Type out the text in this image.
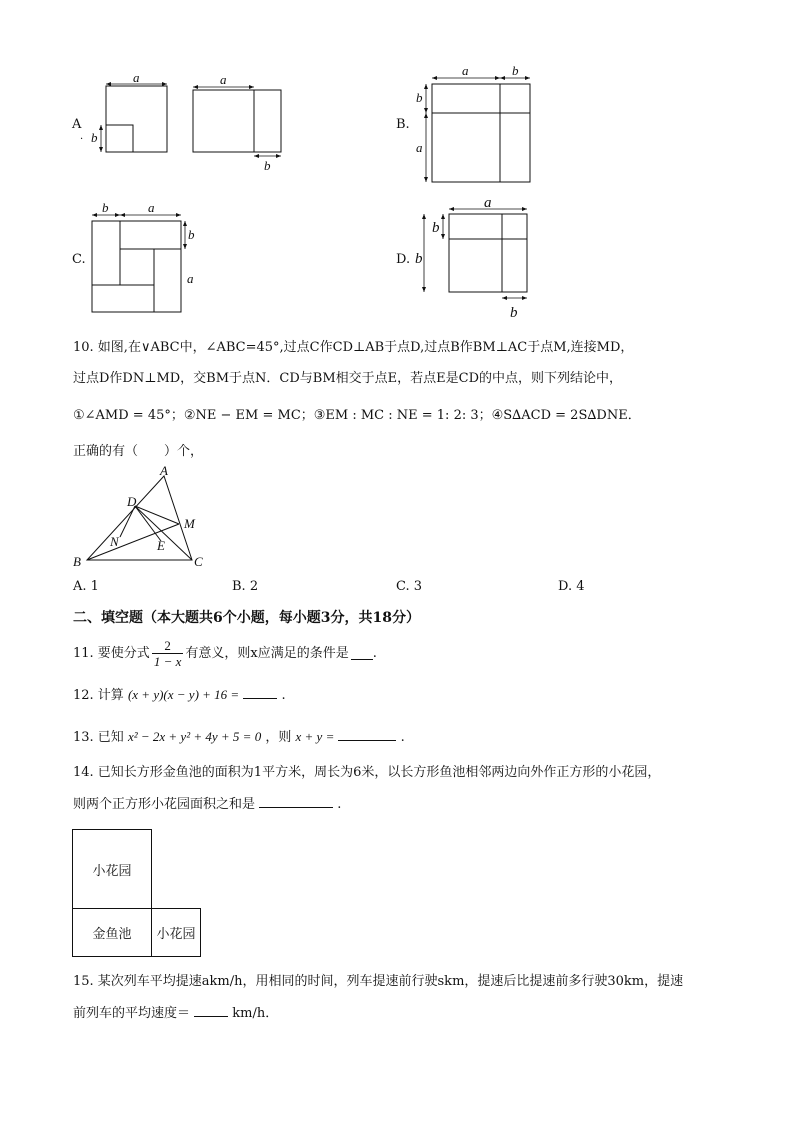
A
·
a
b
a
b
B.
a	b
b
a
C.
b	a
b
a
D.
a
b
b
b
10. 如图,在∨ABC中，∠ABC=45°,过点C作CD⊥AB于点D,过点B作BM⊥AC于点M,连接MD，
过点D作DN⊥MD，交BM于点N．CD与BM相交于点E，若点E是CD的中点，则下列结论中，
①∠AMD = 45°；②NE − EM = MC；③EM : MC : NE = 1: 2: 3；④S∆ACD = 2S∆DNE．
正确的有（　　）个，
A
D
M
N	E
B	C
A. 1	B. 2	C. 3	D. 4
二、填空题（本大题共6个小题，每小题3分，共18分）
11. 要使分式 $\frac{2}{1 - x}$ 有意义，则x应满足的条件是 .
12. 计算 (x + y)(x − y) + 16 =	.
13. 已知 x² − 2x + y² + 4y + 5 = 0 ，则 x + y =	.
14. 已知长方形金鱼池的面积为1平方米，周长为6米，以长方形鱼池相邻两边向外作正方形的小花园，
则两个正方形小花园面积之和是	.
小花园
金鱼池 小花园
15. 某次列车平均提速akm/h，用相同的时间，列车提速前行驶skm，提速后比提速前多行驶30km，提速
前列车的平均速度＝	km/h．
